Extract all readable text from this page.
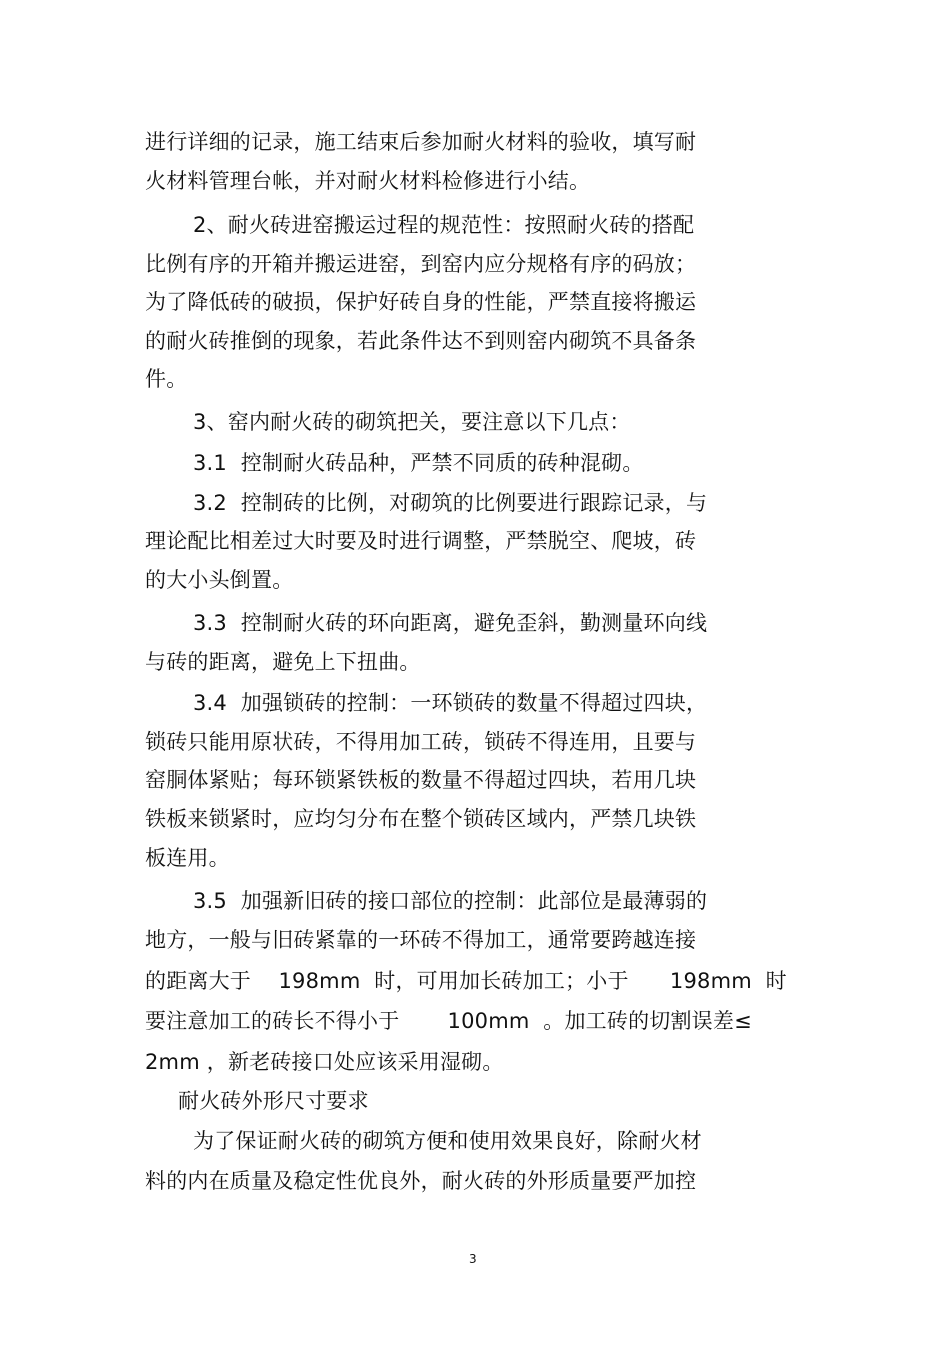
进行详细的记录，施工结束后参加耐火材料的验收，填写耐
火材料管理台帐，并对耐火材料检修进行小结。
2、耐火砖进窑搬运过程的规范性：按照耐火砖的搭配
比例有序的开箱并搬运进窑，到窑内应分规格有序的码放；
为了降低砖的破损，保护好砖自身的性能，严禁直接将搬运
的耐火砖推倒的现象，若此条件达不到则窑内砌筑不具备条
件。
3、窑内耐火砖的砌筑把关，要注意以下几点：
3.1  控制耐火砖品种，严禁不同质的砖种混砌。
3.2  控制砖的比例，对砌筑的比例要进行跟踪记录，与
理论配比相差过大时要及时进行调整，严禁脱空、爬坡，砖
的大小头倒置。
3.3  控制耐火砖的环向距离，避免歪斜，勤测量环向线
与砖的距离，避免上下扭曲。
3.4  加强锁砖的控制：一环锁砖的数量不得超过四块，
锁砖只能用原状砖，不得用加工砖，锁砖不得连用，且要与
窑胴体紧贴；每环锁紧铁板的数量不得超过四块，若用几块
铁板来锁紧时，应均匀分布在整个锁砖区域内，严禁几块铁
板连用。
3.5  加强新旧砖的接口部位的控制：此部位是最薄弱的
地方，一般与旧砖紧靠的一环砖不得加工，通常要跨越连接
的距离大于    198mm  时，可用加长砖加工；小于      198mm  时
要注意加工的砖长不得小于       100mm  。加工砖的切割误差≤
2mm ，新老砖接口处应该采用湿砌。
耐火砖外形尺寸要求
为了保证耐火砖的砌筑方便和使用效果良好，除耐火材
料的内在质量及稳定性优良外，耐火砖的外形质量要严加控
3
